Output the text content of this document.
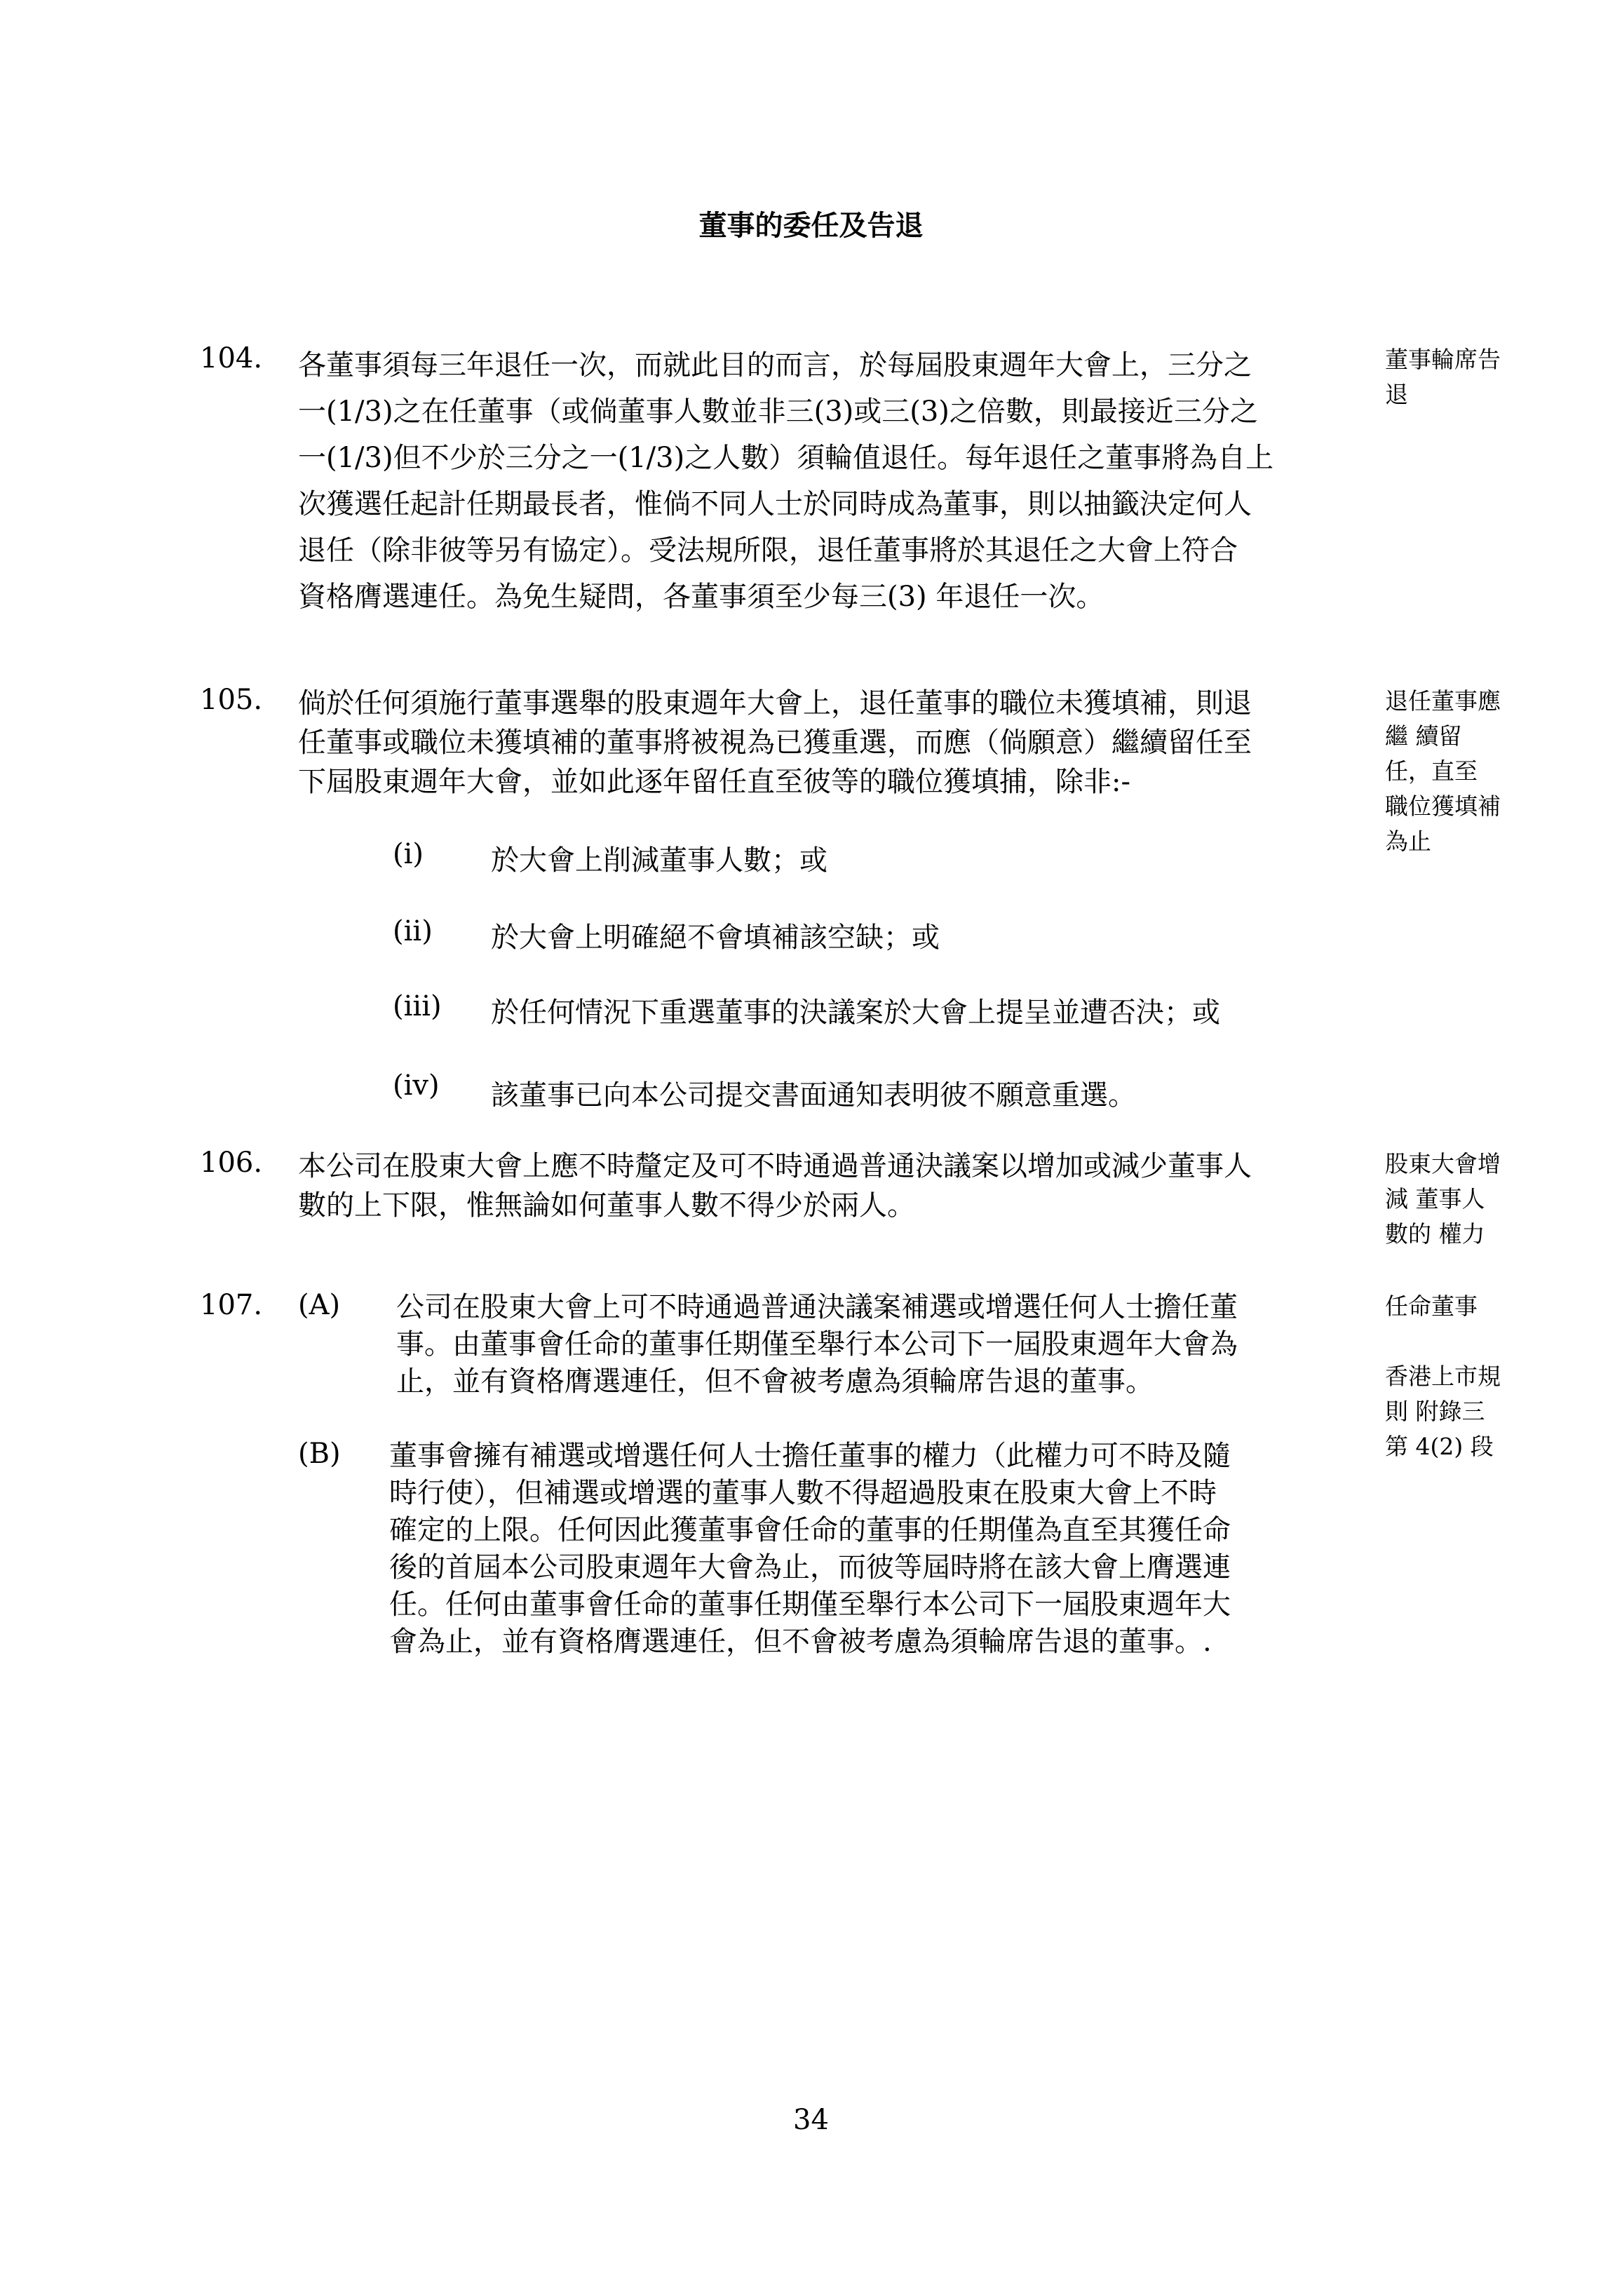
董事的委任及告退
104. 各董事須每三年退任一次，而就此目的而言，於每屆股東週年大會上，三分之
一(1/3)之在任董事（或倘董事人數並非三(3)或三(3)之倍數，則最接近三分之
一(1/3)但不少於三分之一(1/3)之人數）須輪值退任。每年退任之董事將為自上
次獲選任起計任期最長者，惟倘不同人士於同時成為董事，則以抽籤決定何人
退任（除非彼等另有協定）。受法規所限，退任董事將於其退任之大會上符合
資格膺選連任。為免生疑問，各董事須至少每三(3) 年退任一次。
董事輪席告
退
105. 倘於任何須施行董事選舉的股東週年大會上，退任董事的職位未獲填補，則退
任董事或職位未獲填補的董事將被視為已獲重選，而應（倘願意）繼續留任至
下屆股東週年大會，並如此逐年留任直至彼等的職位獲填捕，除非:-
退任董事應
繼 續留
任，直至
職位獲填補
為止
(i) 於大會上削減董事人數；或
(ii) 於大會上明確絕不會填補該空缺；或
(iii) 於任何情況下重選董事的決議案於大會上提呈並遭否決；或
(iv) 該董事已向本公司提交書面通知表明彼不願意重選。
106. 本公司在股東大會上應不時釐定及可不時通過普通決議案以增加或減少董事人
數的上下限，惟無論如何董事人數不得少於兩人。
股東大會增
減 董事人
數的 權力
107. (A) 公司在股東大會上可不時通過普通決議案補選或增選任何人士擔任董
事。由董事會任命的董事任期僅至舉行本公司下一屆股東週年大會為
止，並有資格膺選連任，但不會被考慮為須輪席告退的董事。
任命董事
香港上市規
則 附錄三
第 4(2) 段
(B) 董事會擁有補選或增選任何人士擔任董事的權力（此權力可不時及隨
時行使），但補選或增選的董事人數不得超過股東在股東大會上不時
確定的上限。任何因此獲董事會任命的董事的任期僅為直至其獲任命
後的首屆本公司股東週年大會為止，而彼等屆時將在該大會上膺選連
任。任何由董事會任命的董事任期僅至舉行本公司下一屆股東週年大
會為止，並有資格膺選連任，但不會被考慮為須輪席告退的董事。.
34
